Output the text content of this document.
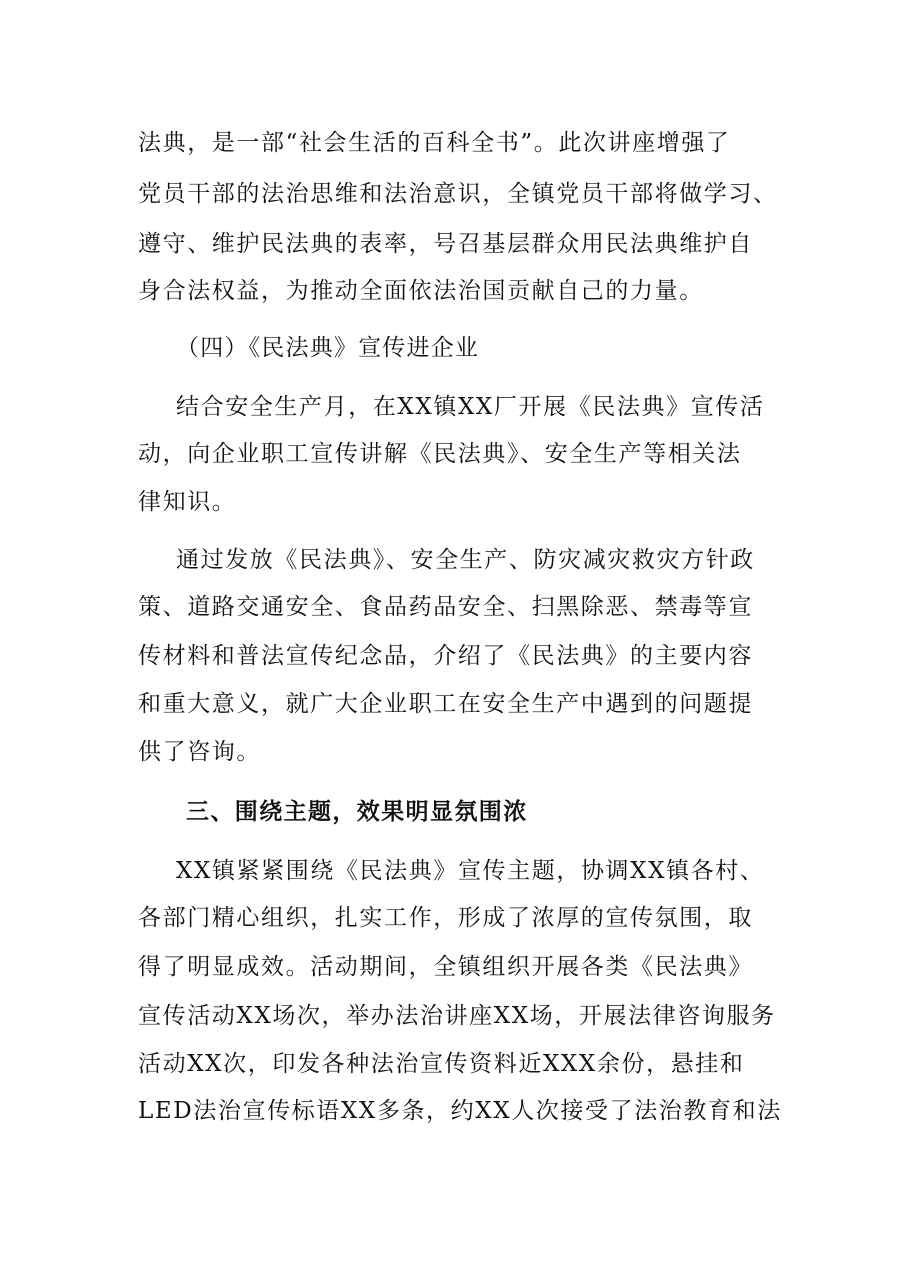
法典，是一部“社会生活的百科全书”。此次讲座增强了
党员干部的法治思维和法治意识，全镇党员干部将做学习、
遵守、维护民法典的表率，号召基层群众用民法典维护自
身合法权益，为推动全面依法治国贡献自己的力量。
（四）《民法典》宣传进企业
结合安全生产月，在XX镇XX厂开展《民法典》宣传活
动，向企业职工宣传讲解《民法典》、安全生产等相关法
律知识。
通过发放《民法典》、安全生产、防灾减灾救灾方针政
策、道路交通安全、食品药品安全、扫黑除恶、禁毒等宣
传材料和普法宣传纪念品，介绍了《民法典》的主要内容
和重大意义，就广大企业职工在安全生产中遇到的问题提
供了咨询。
三、围绕主题，效果明显氛围浓
XX镇紧紧围绕《民法典》宣传主题，协调XX镇各村、
各部门精心组织，扎实工作，形成了浓厚的宣传氛围，取
得了明显成效。活动期间，全镇组织开展各类《民法典》
宣传活动XX场次，举办法治讲座XX场，开展法律咨询服务
活动XX次，印发各种法治宣传资料近XXX余份，悬挂和
LED法治宣传标语XX多条，约XX人次接受了法治教育和法
